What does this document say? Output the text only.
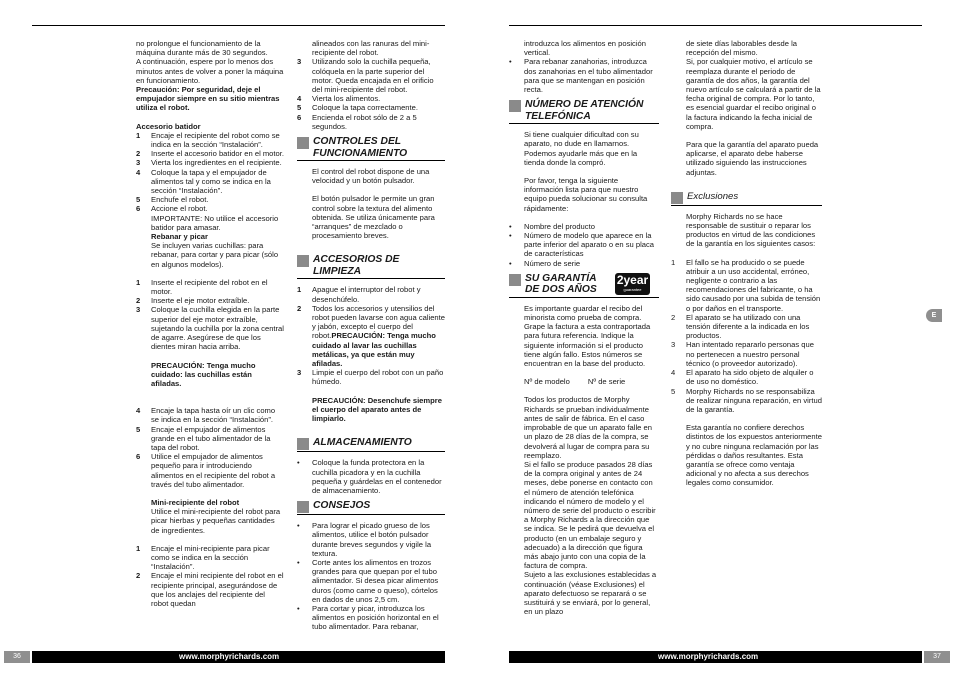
no prolongue el funcionamiento de la máquina durante más de 30 segundos.
A continuación, espere por lo menos dos minutos antes de volver a poner la máquina en funcionamiento.
Precaución: Por seguridad, deje el empujador siempre en su sitio mientras utiliza el robot.
Accesorio batidor
1	Encaje el recipiente del robot como se indica en la sección “Instalación”.
2	Inserte el accesorio batidor en el motor.
3	Vierta los ingredientes en el recipiente.
4	Coloque la tapa y el empujador de alimentos tal y como se indica en la sección “Instalación”.
5	Enchufe el robot.
6	Accione el robot.
IMPORTANTE: No utilice el accesorio batidor para amasar.
Rebanar y picar
Se incluyen varias cuchillas: para rebanar, para cortar y para picar (sólo en algunos modelos).
1	Inserte el recipiente del robot en el motor.
2	Inserte el eje motor extraíble.
3	Coloque la cuchilla elegida en la parte superior del eje motor extraíble, sujetando la cuchilla por la zona central de agarre. Asegúrese de que los dientes miran hacia arriba.
PRECAUCIÓN: Tenga mucho cuidado: las cuchillas están afiladas.
4	Encaje la tapa hasta oír un clic como se indica en la sección “Instalación”.
5	Encaje el empujador de alimentos grande en el tubo alimentador de la tapa del robot.
6	Utilice el empujador de alimentos pequeño para ir introduciendo alimentos en el recipiente del robot a través del tubo alimentador.
Mini-recipiente del robot
Utilice el mini-recipiente del robot para picar hierbas y pequeñas cantidades de ingredientes.
1	Encaje el mini-recipiente para picar como se indica en la sección “Instalación”.
2	Encaje el mini recipiente del robot en el recipiente principal, asegurándose de que los anclajes del recipiente del robot quedan
alineados con las ranuras del mini-recipiente del robot.
3	Utilizando solo la cuchilla pequeña, colóquela en la parte superior del motor. Queda encajada en el orificio del mini-recipiente del robot.
4	Vierta los alimentos.
5	Coloque la tapa correctamente.
6	Encienda el robot sólo de 2 a 5 segundos.
CONTROLES DEL FUNCIONAMIENTO
El control del robot dispone de una velocidad y un botón pulsador.
El botón pulsador le permite un gran control sobre la textura del alimento obtenida. Se utiliza únicamente para “arranques” de mezclado o procesamiento breves.
ACCESORIOS DE LIMPIEZA
1	Apague el interruptor del robot y desenchúfelo.
2	Todos los accesorios y utensilios del robot pueden lavarse con agua caliente y jabón, excepto el cuerpo del robot.PRECAUCIÓN: Tenga mucho cuidado al lavar las cuchillas metálicas, ya que están muy afiladas.
3	Limpie el cuerpo del robot con un paño húmedo.
PRECAUCIÓN: Desenchufe siempre el cuerpo del aparato antes de limpiarlo.
ALMACENAMIENTO
•	Coloque la funda protectora en la cuchilla picadora y en la cuchilla pequeña y guárdelas en el contenedor de almacenamiento.
CONSEJOS
•	Para lograr el picado grueso de los alimentos, utilice el botón pulsador durante breves segundos y vigile la textura.
•	Corte antes los alimentos en trozos grandes para que quepan por el tubo alimentador. Si desea picar alimentos duros (como carne o queso), córtelos en dados de unos 2,5 cm.
•	Para cortar y picar, introduzca los alimentos en posición horizontal en el tubo alimentador. Para rebanar,
introduzca los alimentos en posición vertical.
•	Para rebanar zanahorias, introduzca dos zanahorias en el tubo alimentador para que se mantengan en posición recta.
NÚMERO DE ATENCIÓN TELEFÓNICA
Si tiene cualquier dificultad con su aparato, no dude en llamarnos. Podemos ayudarle más que en la tienda donde la compró.
Por favor, tenga la siguiente información lista para que nuestro equipo pueda solucionar su consulta rápidamente:
•	Nombre del producto
•	Número de modelo que aparece en la parte inferior del aparato o en su placa de características
•	Número de serie
SU GARANTÍA DE DOS AÑOS
2year
guarantee
Es importante guardar el recibo del minorista como prueba de compra. Grape la factura a esta contraportada para futura referencia. Indique la siguiente información si el producto tiene algún fallo. Estos números se encuentran en la base del producto.
Nº de modelo Nº de serie
Todos los productos de Morphy Richards se prueban individualmente antes de salir de fábrica. En el caso improbable de que un aparato falle en un plazo de 28 días de la compra, se devolverá al lugar de compra para su reemplazo.
Si el fallo se produce pasados 28 días de la compra original y antes de 24 meses, debe ponerse en contacto con el número de atención telefónica indicando el número de modelo y el número de serie del producto o escribir a Morphy Richards a la dirección que se indica. Se le pedirá que devuelva el producto (en un embalaje seguro y adecuado) a la dirección que figura más abajo junto con una copia de la factura de compra.
Sujeto a las exclusiones establecidas a continuación (véase Exclusiones) el aparato defectuoso se reparará o se sustituirá y se enviará, por lo general, en un plazo
de siete días laborables desde la recepción del mismo.
Si, por cualquier motivo, el artículo se reemplaza durante el periodo de garantía de dos años, la garantía del nuevo artículo se calculará a partir de la fecha original de compra. Por lo tanto, es esencial guardar el recibo original o la factura indicando la fecha inicial de compra.
Para que la garantía del aparato pueda aplicarse, el aparato debe haberse utilizado siguiendo las instrucciones adjuntas.
Exclusiones
Morphy Richards no se hace responsable de sustituir o reparar los productos en virtud de las condiciones de la garantía en los siguientes casos:
1	El fallo se ha producido o se puede atribuir a un uso accidental, erróneo, negligente o contrario a las recomendaciones del fabricante, o ha sido causado por una subida de tensión o por daños en el transporte.
2	El aparato se ha utilizado con una tensión diferente a la indicada en los productos.
3	Han intentado repararlo personas que no pertenecen a nuestro personal técnico (o proveedor autorizado).
4	El aparato ha sido objeto de alquiler o de uso no doméstico.
5	Morphy Richards no se responsabiliza de realizar ninguna reparación, en virtud de la garantía.
Esta garantía no confiere derechos distintos de los expuestos anteriormente y no cubre ninguna reclamación por las pérdidas o daños resultantes. Esta garantía se ofrece como ventaja adicional y no afecta a sus derechos legales como consumidor.
E
36	www.morphyrichards.com	www.morphyrichards.com	37
